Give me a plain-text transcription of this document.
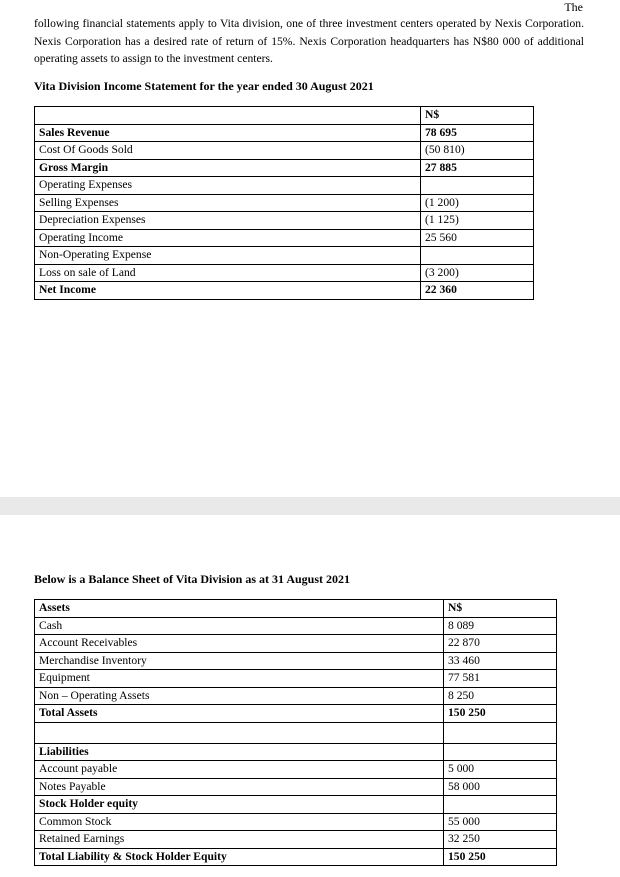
The
following financial statements apply to Vita division, one of three investment centers operated by Nexis Corporation. Nexis Corporation has a desired rate of return of 15%. Nexis Corporation headquarters has N$80 000 of additional operating assets to assign to the investment centers.
Vita Division Income Statement for the year ended 30 August 2021
	N$
Sales Revenue	78 695
Cost Of Goods Sold	(50 810)
Gross Margin	27 885
Operating Expenses	
Selling Expenses	(1 200)
Depreciation Expenses	(1 125)
Operating Income	25 560
Non-Operating Expense	
Loss on sale of Land	(3 200)
Net Income	22 360
Below is a Balance Sheet of Vita Division as at 31 August 2021
Assets	N$
Cash	8 089
Account Receivables	22 870
Merchandise Inventory	33 460
Equipment	77 581
Non – Operating Assets	8 250
Total Assets	150 250

Liabilities	
Account payable	5 000
Notes Payable	58 000
Stock Holder equity	
Common Stock	55 000
Retained Earnings	32 250
Total Liability & Stock Holder Equity	150 250
